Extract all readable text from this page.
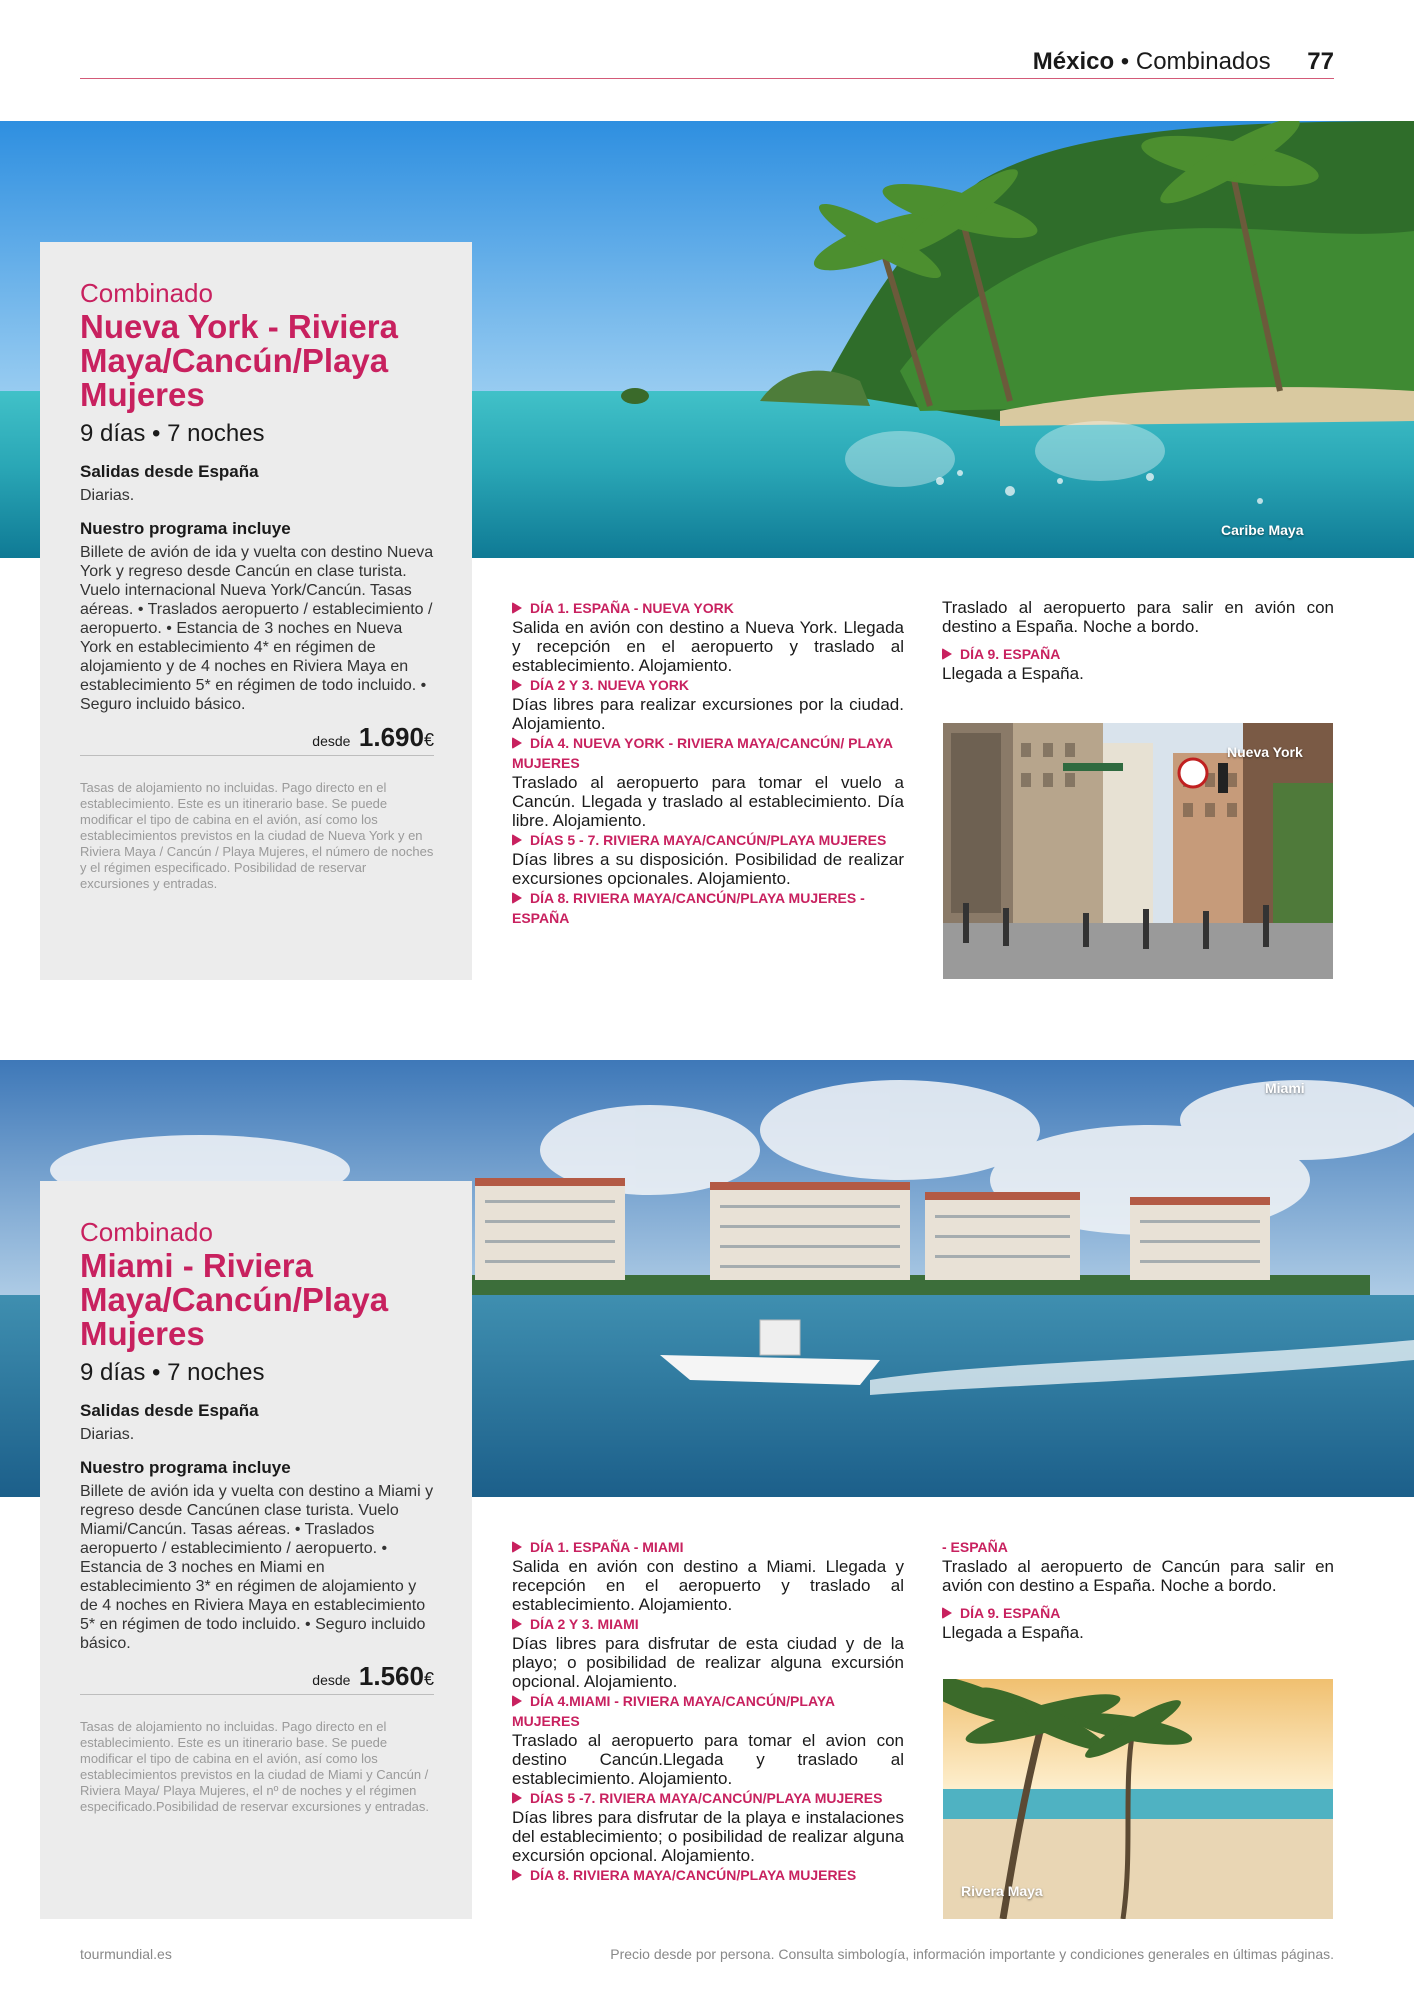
México • Combinados 77
Caribe Maya
Combinado
Nueva York - Riviera Maya/Cancún/Playa Mujeres
9 días • 7 noches
Salidas desde España
Diarias.
Nuestro programa incluye
Billete de avión de ida y vuelta con destino Nueva York y regreso desde Cancún en clase turista. Vuelo internacional Nueva York/Cancún. Tasas aéreas. • Traslados aeropuerto / establecimiento / aeropuerto. • Estancia de 3 noches en Nueva York en establecimiento 4* en régimen de alojamiento y de 4 noches en Riviera Maya en establecimiento 5* en régimen de todo incluido. • Seguro incluido básico.
desde 1.690€
Tasas de alojamiento no incluidas. Pago directo en el establecimiento. Este es un itinerario base. Se puede modificar el tipo de cabina en el avión, así como los establecimientos previstos en la ciudad de Nueva York y en Riviera Maya / Cancún / Playa Mujeres, el número de noches y el régimen especificado. Posibilidad de reservar excursiones y entradas.
DÍA 1. ESPAÑA - NUEVA YORK
Salida en avión con destino a Nueva York. Llegada y recepción en el aeropuerto y traslado al establecimiento. Alojamiento.
DÍA 2 Y 3. NUEVA YORK
Días libres para realizar excursiones por la ciudad. Alojamiento.
DÍA 4. NUEVA YORK - RIVIERA MAYA/CANCÚN/ PLAYA MUJERES
Traslado al aeropuerto para tomar el vuelo a Cancún. Llegada y traslado al establecimiento. Día libre. Alojamiento.
DÍAS 5 - 7. RIVIERA MAYA/CANCÚN/PLAYA MUJERES
Días libres a su disposición. Posibilidad de realizar excursiones opcionales. Alojamiento.
DÍA 8. RIVIERA MAYA/CANCÚN/PLAYA MUJERES - ESPAÑA
Traslado al aeropuerto para salir en avión con destino a España. Noche a bordo.
DÍA 9. ESPAÑA
Llegada a España.
Nueva York
Miami
Combinado
Miami - Riviera Maya/Cancún/Playa Mujeres
9 días • 7 noches
Salidas desde España
Diarias.
Nuestro programa incluye
Billete de avión ida y vuelta con destino a Miami y regreso desde Cancúnen clase turista. Vuelo Miami/Cancún. Tasas aéreas. • Traslados aeropuerto / establecimiento / aeropuerto. • Estancia de 3 noches en Miami en establecimiento 3* en régimen de alojamiento y de 4 noches en Riviera Maya en establecimiento 5* en régimen de todo incluido. • Seguro incluido básico.
desde 1.560€
Tasas de alojamiento no incluidas. Pago directo en el establecimiento. Este es un itinerario base. Se puede modificar el tipo de cabina en el avión, así como los establecimientos previstos en la ciudad de Miami y Cancún / Riviera Maya/ Playa Mujeres, el nº de noches y el régimen especificado.Posibilidad de reservar excursiones y entradas.
DÍA 1. ESPAÑA - MIAMI
Salida en avión con destino a Miami. Llegada y recepción en el aeropuerto y traslado al establecimiento. Alojamiento.
DÍA 2 Y 3. MIAMI
Días libres para disfrutar de esta ciudad y de la playo; o posibilidad de realizar alguna excursión opcional. Alojamiento.
DÍA 4.MIAMI - RIVIERA MAYA/CANCÚN/PLAYA MUJERES
Traslado al aeropuerto para tomar el avion con destino Cancún.Llegada y traslado al establecimiento. Alojamiento.
DÍAS 5 -7. RIVIERA MAYA/CANCÚN/PLAYA MUJERES
Días libres para disfrutar de la playa e instalaciones del establecimiento; o posibilidad de realizar alguna excursión opcional. Alojamiento.
DÍA 8. RIVIERA MAYA/CANCÚN/PLAYA MUJERES
- ESPAÑA
Traslado al aeropuerto de Cancún para salir en avión con destino a España. Noche a bordo.
DÍA 9. ESPAÑA
Llegada a España.
Rivera Maya
tourmundial.es	Precio desde por persona. Consulta simbología, información importante y condiciones generales en últimas páginas.
